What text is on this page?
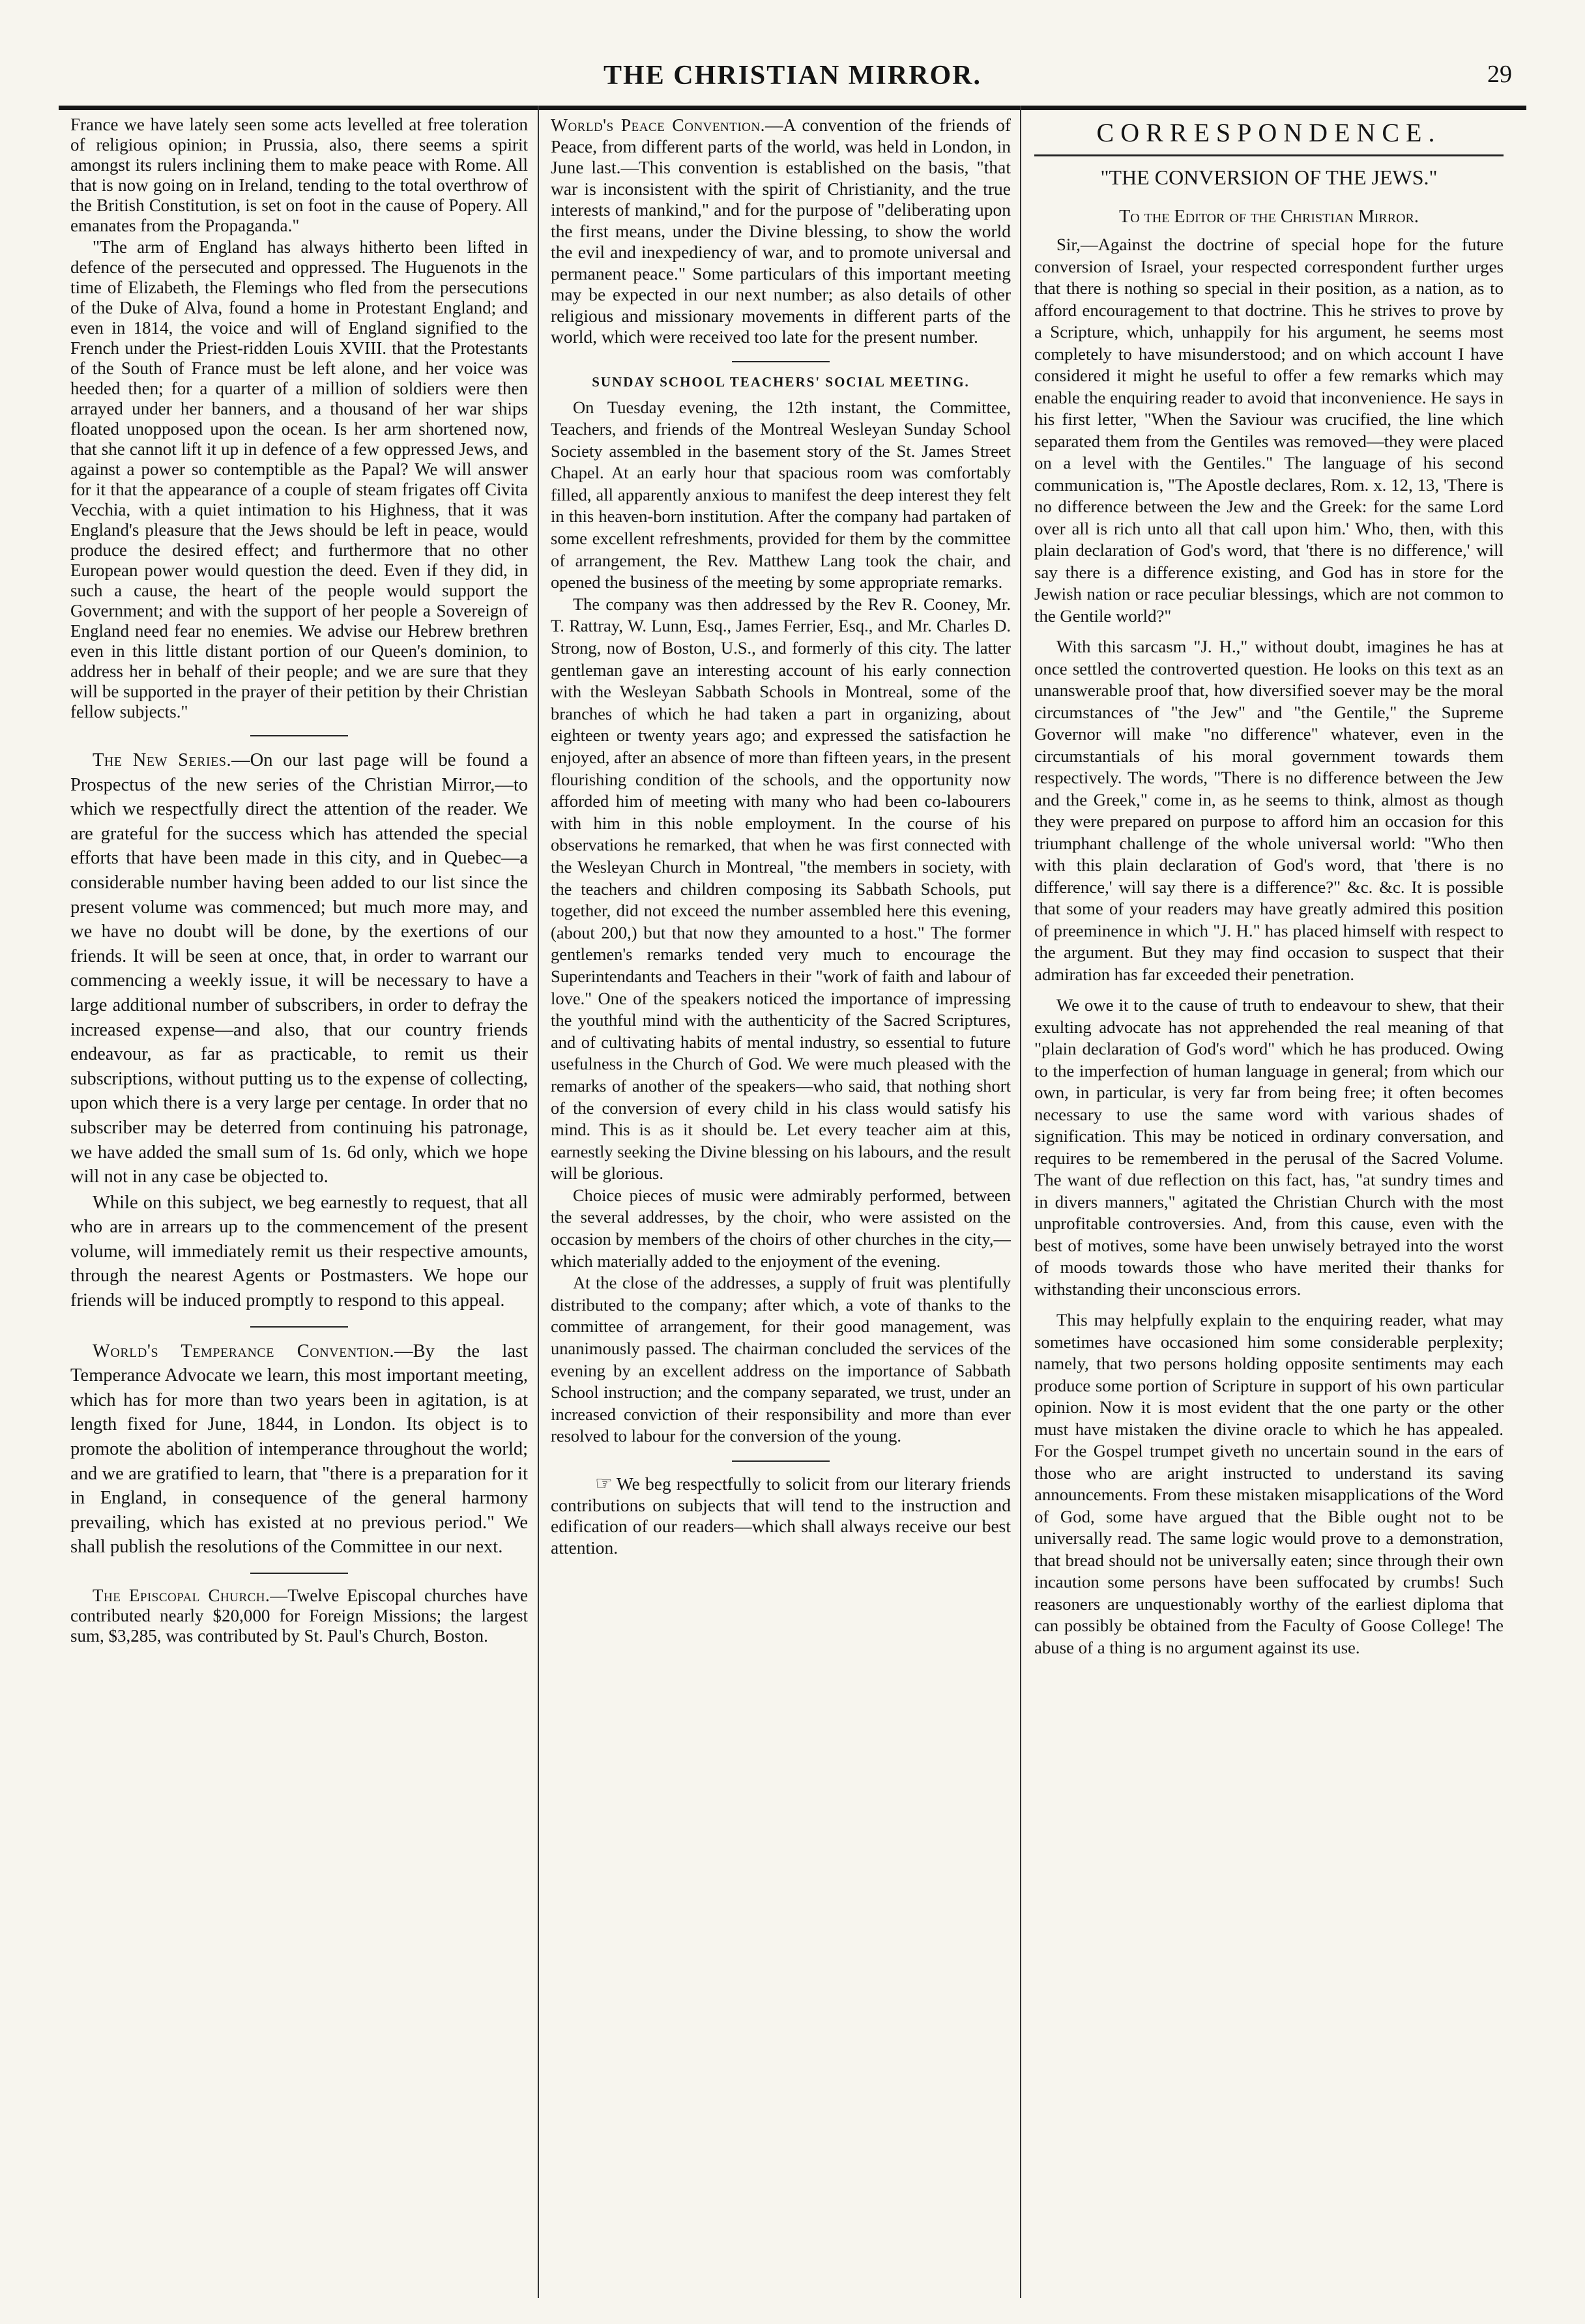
THE CHRISTIAN MIRROR.	29

France we have lately seen some acts levelled at free toleration of religious opinion; in Prussia, also, there seems a spirit amongst its rulers inclining them to make peace with Rome. All that is now going on in Ireland, tending to the total overthrow of the British Constitution, is set on foot in the cause of Popery. All emanates from the Propaganda."

"The arm of England has always hitherto been lifted in defence of the persecuted and oppressed. The Huguenots in the time of Elizabeth, the Flemings who fled from the persecutions of the Duke of Alva, found a home in Protestant England; and even in 1814, the voice and will of England signified to the French under the Priest-ridden Louis XVIII. that the Protestants of the South of France must be left alone, and her voice was heeded then; for a quarter of a million of soldiers were then arrayed under her banners, and a thousand of her war ships floated unopposed upon the ocean. Is her arm shortened now, that she cannot lift it up in defence of a few oppressed Jews, and against a power so contemptible as the Papal? We will answer for it that the appearance of a couple of steam frigates off Civita Vecchia, with a quiet intimation to his Highness, that it was England's pleasure that the Jews should be left in peace, would produce the desired effect; and furthermore that no other European power would question the deed. Even if they did, in such a cause, the heart of the people would support the Government; and with the support of her people a Sovereign of England need fear no enemies. We advise our Hebrew brethren even in this little distant portion of our Queen's dominion, to address her in behalf of their people; and we are sure that they will be supported in the prayer of their petition by their Christian fellow subjects."

The New Series.—On our last page will be found a Prospectus of the new series of the Christian Mirror,—to which we respectfully direct the attention of the reader. We are grateful for the success which has attended the special efforts that have been made in this city, and in Quebec—a considerable number having been added to our list since the present volume was commenced; but much more may, and we have no doubt will be done, by the exertions of our friends. It will be seen at once, that, in order to warrant our commencing a weekly issue, it will be necessary to have a large additional number of subscribers, in order to defray the increased expense—and also, that our country friends endeavour, as far as practicable, to remit us their subscriptions, without putting us to the expense of collecting, upon which there is a very large per centage. In order that no subscriber may be deterred from continuing his patronage, we have added the small sum of 1s. 6d only, which we hope will not in any case be objected to.

While on this subject, we beg earnestly to request, that all who are in arrears up to the commencement of the present volume, will immediately remit us their respective amounts, through the nearest Agents or Postmasters. We hope our friends will be induced promptly to respond to this appeal.

World's Temperance Convention.—By the last Temperance Advocate we learn, this most important meeting, which has for more than two years been in agitation, is at length fixed for June, 1844, in London. Its object is to promote the abolition of intemperance throughout the world; and we are gratified to learn, that "there is a preparation for it in England, in consequence of the general harmony prevailing, which has existed at no previous period." We shall publish the resolutions of the Committee in our next.

The Episcopal Church.—Twelve Episcopal churches have contributed nearly $20,000 for Foreign Missions; the largest sum, $3,285, was contributed by St. Paul's Church, Boston.

World's Peace Convention.—A convention of the friends of Peace, from different parts of the world, was held in London, in June last.—This convention is established on the basis, "that war is inconsistent with the spirit of Christianity, and the true interests of mankind," and for the purpose of "deliberating upon the first means, under the Divine blessing, to show the world the evil and inexpediency of war, and to promote universal and permanent peace." Some particulars of this important meeting may be expected in our next number; as also details of other religious and missionary movements in different parts of the world, which were received too late for the present number.

SUNDAY SCHOOL TEACHERS' SOCIAL MEETING.

On Tuesday evening, the 12th instant, the Committee, Teachers, and friends of the Montreal Wesleyan Sunday School Society assembled in the basement story of the St. James Street Chapel. At an early hour that spacious room was comfortably filled, all apparently anxious to manifest the deep interest they felt in this heaven-born institution. After the company had partaken of some excellent refreshments, provided for them by the committee of arrangement, the Rev. Matthew Lang took the chair, and opened the business of the meeting by some appropriate remarks.

The company was then addressed by the Rev R. Cooney, Mr. T. Rattray, W. Lunn, Esq., James Ferrier, Esq., and Mr. Charles D. Strong, now of Boston, U.S., and formerly of this city. The latter gentleman gave an interesting account of his early connection with the Wesleyan Sabbath Schools in Montreal, some of the branches of which he had taken a part in organizing, about eighteen or twenty years ago; and expressed the satisfaction he enjoyed, after an absence of more than fifteen years, in the present flourishing condition of the schools, and the opportunity now afforded him of meeting with many who had been co-labourers with him in this noble employment. In the course of his observations he remarked, that when he was first connected with the Wesleyan Church in Montreal, "the members in society, with the teachers and children composing its Sabbath Schools, put together, did not exceed the number assembled here this evening, (about 200,) but that now they amounted to a host." The former gentlemen's remarks tended very much to encourage the Superintendants and Teachers in their "work of faith and labour of love." One of the speakers noticed the importance of impressing the youthful mind with the authenticity of the Sacred Scriptures, and of cultivating habits of mental industry, so essential to future usefulness in the Church of God. We were much pleased with the remarks of another of the speakers—who said, that nothing short of the conversion of every child in his class would satisfy his mind. This is as it should be. Let every teacher aim at this, earnestly seeking the Divine blessing on his labours, and the result will be glorious.

Choice pieces of music were admirably performed, between the several addresses, by the choir, who were assisted on the occasion by members of the choirs of other churches in the city,—which materially added to the enjoyment of the evening.

At the close of the addresses, a supply of fruit was plentifully distributed to the company; after which, a vote of thanks to the committee of arrangement, for their good management, was unanimously passed. The chairman concluded the services of the evening by an excellent address on the importance of Sabbath School instruction; and the company separated, we trust, under an increased conviction of their responsibility and more than ever resolved to labour for the conversion of the young.

☞ We beg respectfully to solicit from our literary friends contributions on subjects that will tend to the instruction and edification of our readers—which shall always receive our best attention.

CORRESPONDENCE.
"THE CONVERSION OF THE JEWS."
To the Editor of the Christian Mirror.

Sir,—Against the doctrine of special hope for the future conversion of Israel, your respected correspondent further urges that there is nothing so special in their position, as a nation, as to afford encouragement to that doctrine. This he strives to prove by a Scripture, which, unhappily for his argument, he seems most completely to have misunderstood; and on which account I have considered it might he useful to offer a few remarks which may enable the enquiring reader to avoid that inconvenience. He says in his first letter, "When the Saviour was crucified, the line which separated them from the Gentiles was removed—they were placed on a level with the Gentiles." The language of his second communication is, "The Apostle declares, Rom. x. 12, 13, 'There is no difference between the Jew and the Greek: for the same Lord over all is rich unto all that call upon him.' Who, then, with this plain declaration of God's word, that 'there is no difference,' will say there is a difference existing, and God has in store for the Jewish nation or race peculiar blessings, which are not common to the Gentile world?"

With this sarcasm "J. H.," without doubt, imagines he has at once settled the controverted question. He looks on this text as an unanswerable proof that, how diversified soever may be the moral circumstances of "the Jew" and "the Gentile," the Supreme Governor will make "no difference" whatever, even in the circumstantials of his moral government towards them respectively. The words, "There is no difference between the Jew and the Greek," come in, as he seems to think, almost as though they were prepared on purpose to afford him an occasion for this triumphant challenge of the whole universal world: "Who then with this plain declaration of God's word, that 'there is no difference,' will say there is a difference?" &c. &c. It is possible that some of your readers may have greatly admired this position of preeminence in which "J. H." has placed himself with respect to the argument. But they may find occasion to suspect that their admiration has far exceeded their penetration.

We owe it to the cause of truth to endeavour to shew, that their exulting advocate has not apprehended the real meaning of that "plain declaration of God's word" which he has produced. Owing to the imperfection of human language in general; from which our own, in particular, is very far from being free; it often becomes necessary to use the same word with various shades of signification. This may be noticed in ordinary conversation, and requires to be remembered in the perusal of the Sacred Volume. The want of due reflection on this fact, has, "at sundry times and in divers manners," agitated the Christian Church with the most unprofitable controversies. And, from this cause, even with the best of motives, some have been unwisely betrayed into the worst of moods towards those who have merited their thanks for withstanding their unconscious errors.

This may helpfully explain to the enquiring reader, what may sometimes have occasioned him some considerable perplexity; namely, that two persons holding opposite sentiments may each produce some portion of Scripture in support of his own particular opinion. Now it is most evident that the one party or the other must have mistaken the divine oracle to which he has appealed. For the Gospel trumpet giveth no uncertain sound in the ears of those who are aright instructed to understand its saving announcements. From these mistaken misapplications of the Word of God, some have argued that the Bible ought not to be universally read. The same logic would prove to a demonstration, that bread should not be universally eaten; since through their own incaution some persons have been suffocated by crumbs! Such reasoners are unquestionably worthy of the earliest diploma that can possibly be obtained from the Faculty of Goose College! The abuse of a thing is no argument against its use.
